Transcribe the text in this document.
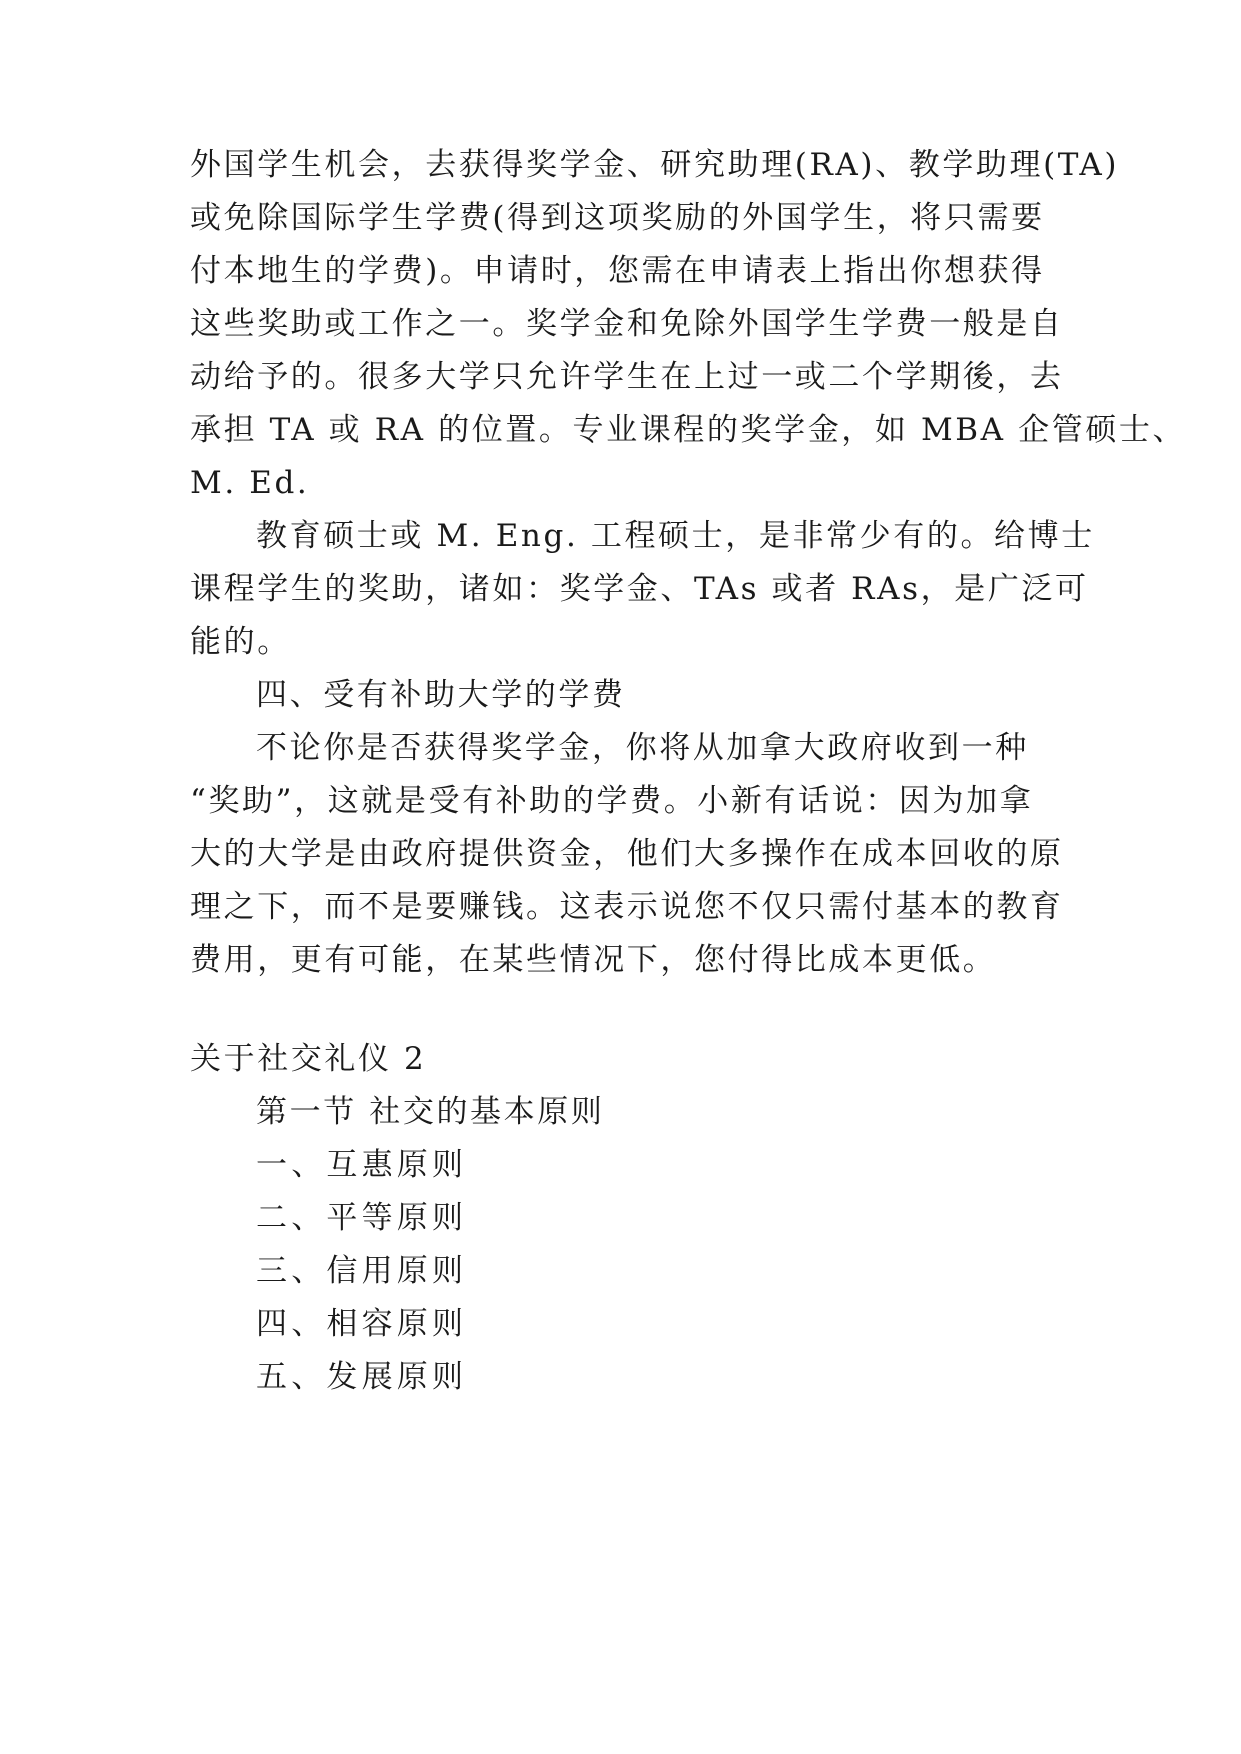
外国学生机会，去获得奖学金、研究助理(RA)、教学助理(TA)
或免除国际学生学费(得到这项奖励的外国学生，将只需要
付本地生的学费)。申请时，您需在申请表上指出你想获得
这些奖助或工作之一。奖学金和免除外国学生学费一般是自
动给予的。很多大学只允许学生在上过一或二个学期後，去
承担 TA 或 RA 的位置。专业课程的奖学金，如 MBA 企管硕士、
M. Ed.
教育硕士或 M. Eng. 工程硕士，是非常少有的。给博士
课程学生的奖助，诸如：奖学金、TAs 或者 RAs，是广泛可
能的。
四、受有补助大学的学费
不论你是否获得奖学金，你将从加拿大政府收到一种
“奖助”，这就是受有补助的学费。小新有话说：因为加拿
大的大学是由政府提供资金，他们大多操作在成本回收的原
理之下，而不是要赚钱。这表示说您不仅只需付基本的教育
费用，更有可能，在某些情况下，您付得比成本更低。
关于社交礼仪 2
第一节 社交的基本原则
一、互惠原则
二、平等原则
三、信用原则
四、相容原则
五、发展原则
